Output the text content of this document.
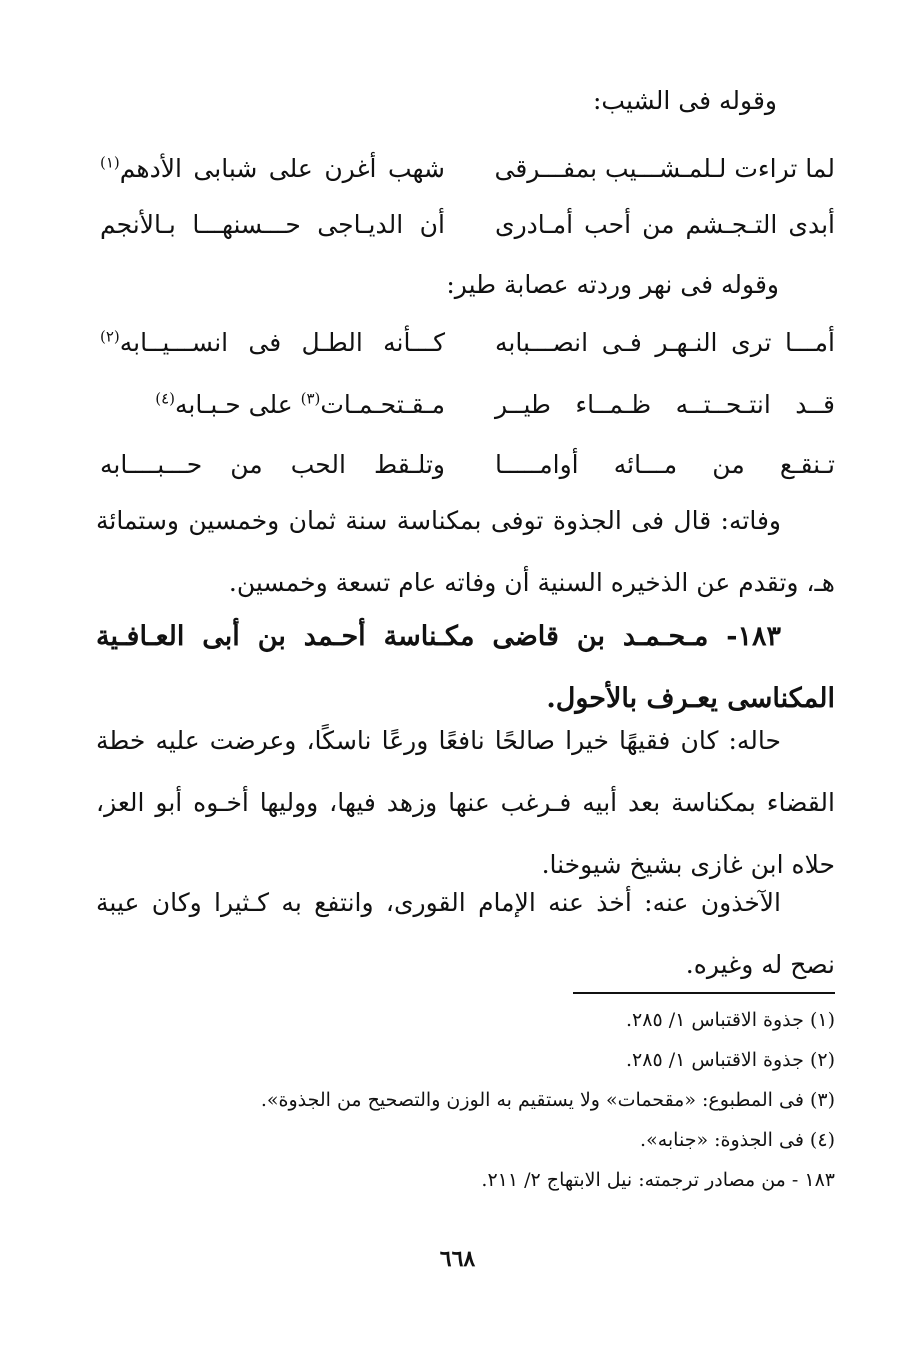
وقوله فى الشيب:
لما تراءت لـلمـشـــيب بمفـــرقى
شهب أغرن على شبابى الأدهم$^{(١)}$
أبدى التـجـشم من أحب أمـادرى
أن الديـاجى حـــسنهـــا بـالأنجم
وقوله فى نهر وردته عصابة طير:
أمـــا ترى النـهـر فـى انصـــبابه
كـــأنه الطـل فى انســـيــابه$^{(٢)}$
قــد انتـحــتــه ظـمــاء طيــر
مـقـتحـمـات$^{(٣)}$ على حـبـابه$^{(٤)}$
تـنقـع من مـــائه أوامـــــا
وتلـقط الحب من حـــبــــابه
وفاته: قال فى الجذوة توفى بمكناسة سنة ثمان وخمسين وستمائة هـ، وتقدم عن الذخيره السنية أن وفاته عام تسعة وخمسين.
١٨٣- مـحـمـد بن قاضى مكـناسة أحـمد بن أبى العـافـية المكناسى يعـرف بالأحول.
حاله: كان فقيهًا خيرا صالحًا نافعًا ورعًا ناسكًا، وعرضت عليه خطة القضاء بمكناسة بعد أبيه فـرغب عنها وزهد فيها، ووليها أخـوه أبو العز، حلاه ابن غازى بشيخ شيوخنا.
الآخذون عنه: أخذ عنه الإمام القورى، وانتفع به كـثيرا وكان عيبة نصح له وغيره.
(١) جذوة الاقتباس ١/ ٢٨٥.
(٢) جذوة الاقتباس ١/ ٢٨٥.
(٣) فى المطبوع: «مقحمات» ولا يستقيم به الوزن والتصحيح من الجذوة».
(٤) فى الجذوة: «جنابه».
١٨٣ - من مصادر ترجمته: نيل الابتهاج ٢/ ٢١١.
٦٦٨
